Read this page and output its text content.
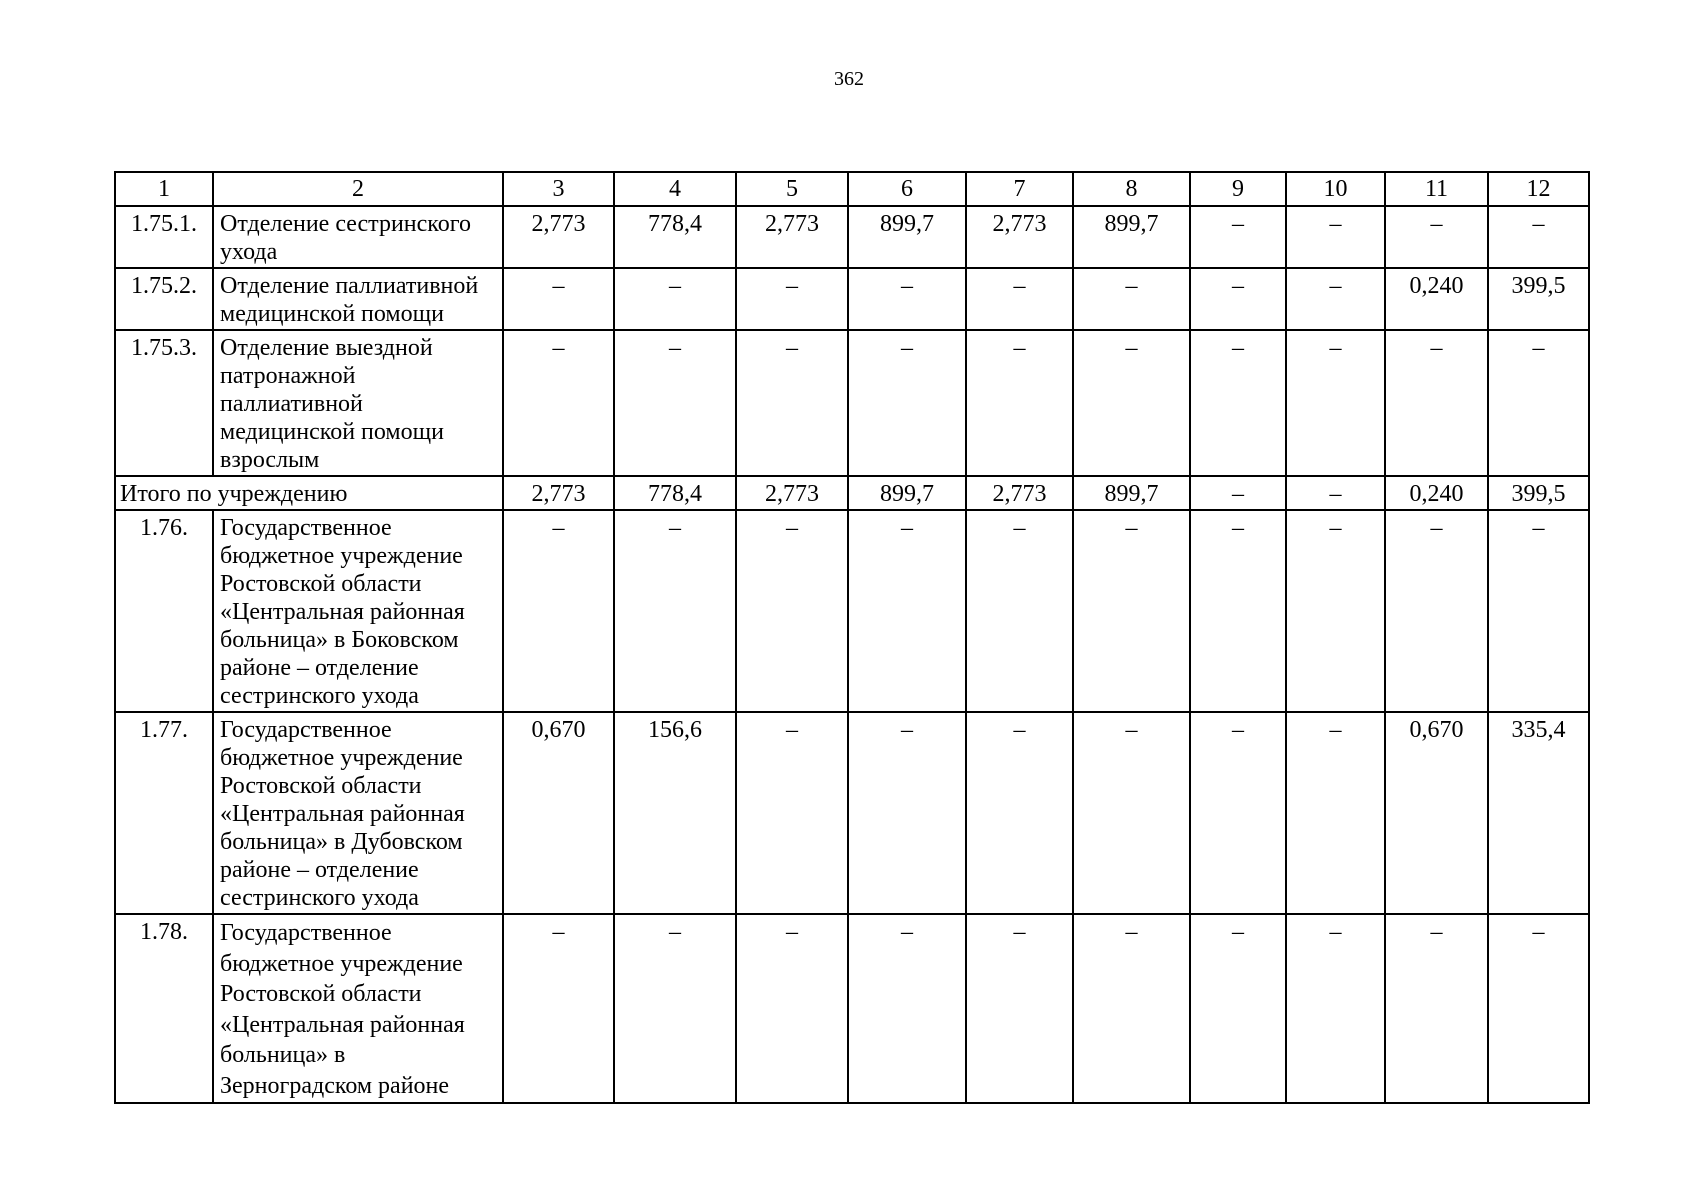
362
1	2	3	4	5	6	7	8	9	10	11	12
1.75.1.	Отделение сестринского ухода	2,773	778,4	2,773	899,7	2,773	899,7	–	–	–	–
1.75.2.	Отделение паллиативной медицинской помощи	–	–	–	–	–	–	–	–	0,240	399,5
1.75.3.	Отделение выездной патронажной паллиативной медицинской помощи взрослым	–	–	–	–	–	–	–	–	–	–
Итого по учреждению		2,773	778,4	2,773	899,7	2,773	899,7	–	–	0,240	399,5
1.76.	Государственное бюджетное учреждение Ростовской области «Центральная районная больница» в Боковском районе – отделение сестринского ухода	–	–	–	–	–	–	–	–	–	–
1.77.	Государственное бюджетное учреждение Ростовской области «Центральная районная больница» в Дубовском районе – отделение сестринского ухода	0,670	156,6	–	–	–	–	–	–	0,670	335,4
1.78.	Государственное бюджетное учреждение Ростовской области «Центральная районная больница» в Зерноградском районе	–	–	–	–	–	–	–	–	–	–
